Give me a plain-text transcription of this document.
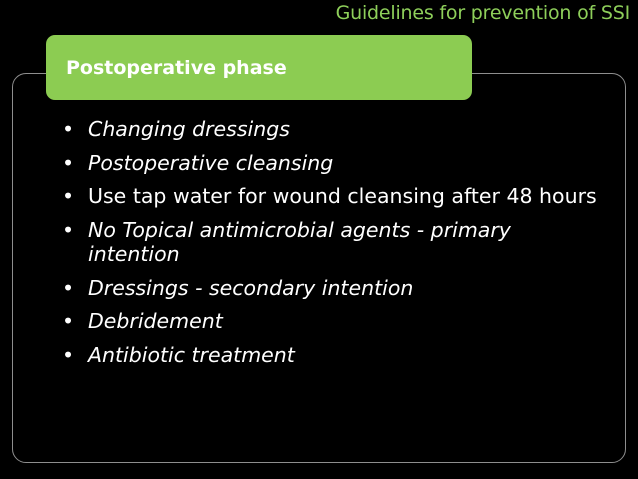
Guidelines for prevention of SSI
Postoperative phase
• Changing dressings
• Postoperative cleansing
• Use tap water for wound cleansing after 48 hours
• No Topical antimicrobial agents - primary intention
• Dressings - secondary intention
• Debridement
• Antibiotic treatment
